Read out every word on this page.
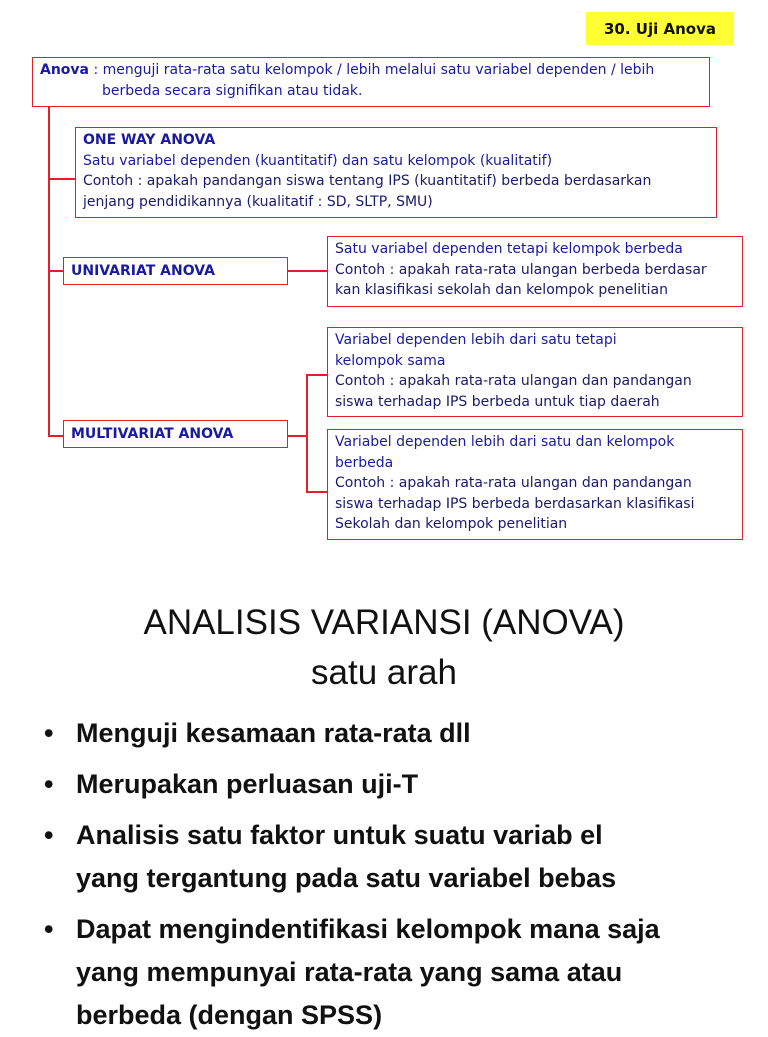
30. Uji Anova
Anova : menguji rata-rata satu kelompok / lebih melalui satu variabel dependen / lebih
berbeda secara signifikan atau tidak.
ONE WAY ANOVA
Satu variabel dependen (kuantitatif) dan satu kelompok (kualitatif)
Contoh : apakah pandangan siswa tentang IPS (kuantitatif) berbeda berdasarkan
jenjang pendidikannya (kualitatif : SD, SLTP, SMU)
UNIVARIAT ANOVA
Satu variabel dependen tetapi kelompok berbeda
Contoh : apakah rata-rata ulangan berbeda berdasar
kan klasifikasi sekolah dan kelompok penelitian
MULTIVARIAT ANOVA
Variabel dependen lebih dari satu tetapi
kelompok sama
Contoh : apakah rata-rata ulangan dan pandangan
siswa terhadap IPS berbeda untuk tiap daerah
Variabel dependen lebih dari satu dan kelompok
berbeda
Contoh : apakah rata-rata ulangan dan pandangan
siswa terhadap IPS berbeda berdasarkan klasifikasi
Sekolah dan kelompok penelitian
ANALISIS VARIANSI (ANOVA)
satu arah
• Menguji kesamaan rata-rata dll
• Merupakan perluasan uji-T
• Analisis satu faktor untuk suatu variab el
yang tergantung pada satu variabel bebas
• Dapat mengindentifikasi kelompok mana saja
yang mempunyai rata-rata yang sama atau
berbeda (dengan SPSS)
